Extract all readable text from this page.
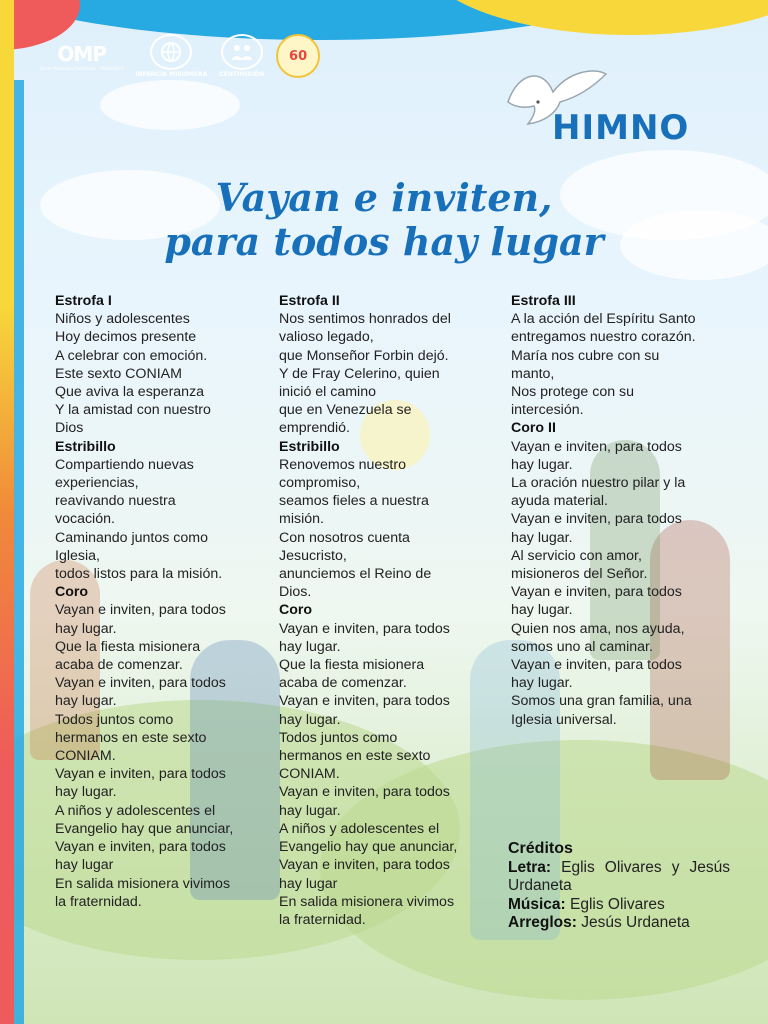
OMP
Obras Misionales Pontificias · VENEZUELA
INFANCIA MISIONERA CENTIMISIÓN
60
HIMNO
Vayan e inviten,
para todos hay lugar

Estrofa I

Niños y adolescentes

Hoy decimos presente

A celebrar con emoción.

Este sexto CONIAM

Que aviva la esperanza

Y la amistad con nuestro

Dios

Estribillo

Compartiendo nuevas

experiencias,

reavivando nuestra

vocación.

Caminando juntos como

Iglesia,

todos listos para la misión.

Coro

Vayan e inviten, para todos

hay lugar.

Que la fiesta misionera

acaba de comenzar.

Vayan e inviten, para todos

hay lugar.

Todos juntos como

hermanos en este sexto

CONIAM.

Vayan e inviten, para todos

hay lugar.

A niños y adolescentes el

Evangelio hay que anunciar,

Vayan e inviten, para todos

hay lugar

En salida misionera vivimos

la fraternidad.

Estrofa II

Nos sentimos honrados del

valioso legado,

que Monseñor Forbin dejó.

Y de Fray Celerino, quien

inició el camino

que en Venezuela se

emprendió.

Estribillo

Renovemos nuestro

compromiso,

seamos fieles a nuestra

misión.

Con nosotros cuenta

Jesucristo,

anunciemos el Reino de

Dios.

Coro

Vayan e inviten, para todos

hay lugar.

Que la fiesta misionera

acaba de comenzar.

Vayan e inviten, para todos

hay lugar.

Todos juntos como

hermanos en este sexto

CONIAM.

Vayan e inviten, para todos

hay lugar.

A niños y adolescentes el

Evangelio hay que anunciar,

Vayan e inviten, para todos

hay lugar

En salida misionera vivimos

la fraternidad.

Estrofa III

A la acción del Espíritu Santo

entregamos nuestro corazón.

María nos cubre con su

manto,

Nos protege con su

intercesión.

Coro II

Vayan e inviten, para todos

hay lugar.

La oración nuestro pilar y la

ayuda material.

Vayan e inviten, para todos

hay lugar.

Al servicio con amor,

misioneros del Señor.

Vayan e inviten, para todos

hay lugar.

Quien nos ama, nos ayuda,

somos uno al caminar.

Vayan e inviten, para todos

hay lugar.

Somos una gran familia, una

Iglesia universal.

Créditos
Letra: Eglis Olivares y Jesús Urdaneta
Música: Eglis Olivares
Arreglos: Jesús Urdaneta
